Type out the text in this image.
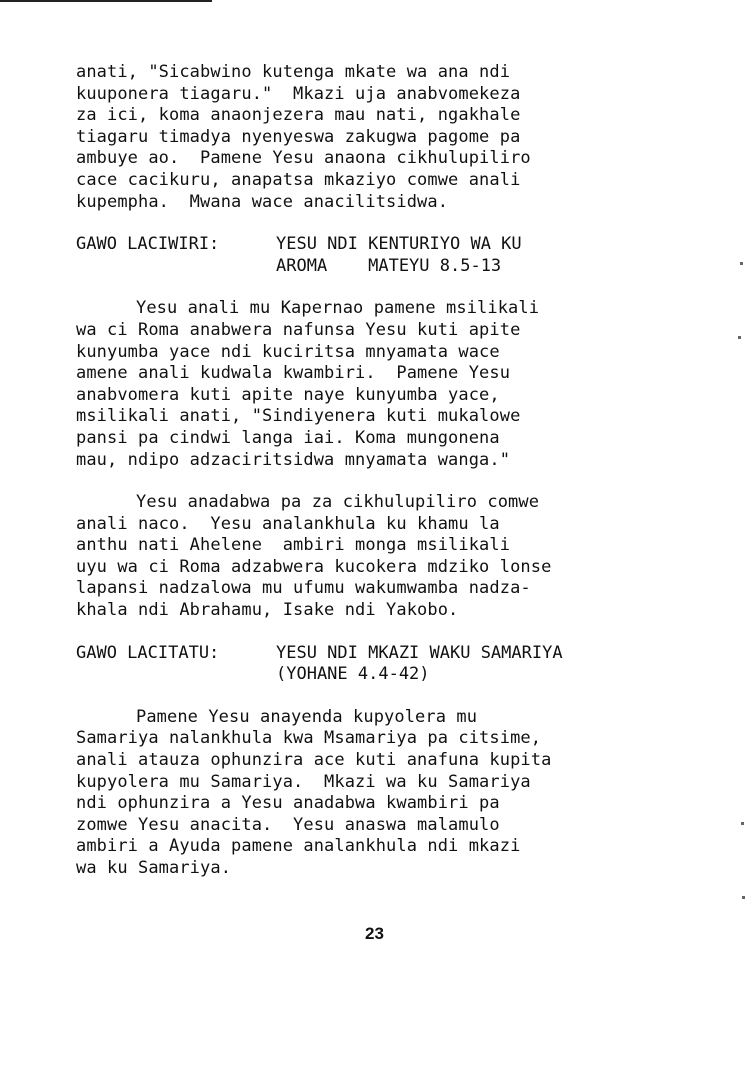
anati, "Sicabwino kutenga mkate wa ana ndi
kuuponera tiagaru."  Mkazi uja anabvomekeza
za ici, koma anaonjezera mau nati, ngakhale
tiagaru timadya nyenyeswa zakugwa pagome pa
ambuye ao.  Pamene Yesu anaona cikhulupiliro
cace cacikuru, anapatsa mkaziyo comwe anali
kupempha.  Mwana wace anacilitsidwa.
GAWO LACIWIRI:	YESU NDI KENTURIYO WA KU
AROMA    MATEYU 8.5-13
Yesu anali mu Kapernao pamene msilikali
wa ci Roma anabwera nafunsa Yesu kuti apite
kunyumba yace ndi kuciritsa mnyamata wace
amene anali kudwala kwambiri.  Pamene Yesu
anabvomera kuti apite naye kunyumba yace,
msilikali anati, "Sindiyenera kuti mukalowe
pansi pa cindwi langa iai. Koma mungonena
mau, ndipo adzaciritsidwa mnyamata wanga."
Yesu anadabwa pa za cikhulupiliro comwe
anali naco.  Yesu analankhula ku khamu la
anthu nati Ahelene  ambiri monga msilikali
uyu wa ci Roma adzabwera kucokera mdziko lonse
lapansi nadzalowa mu ufumu wakumwamba nadza-
khala ndi Abrahamu, Isake ndi Yakobo.
GAWO LACITATU:	YESU NDI MKAZI WAKU SAMARIYA
(YOHANE 4.4-42)
Pamene Yesu anayenda kupyolera mu
Samariya nalankhula kwa Msamariya pa citsime,
anali atauza ophunzira ace kuti anafuna kupita
kupyolera mu Samariya.  Mkazi wa ku Samariya
ndi ophunzira a Yesu anadabwa kwambiri pa
zomwe Yesu anacita.  Yesu anaswa malamulo
ambiri a Ayuda pamene analankhula ndi mkazi
wa ku Samariya.
23
